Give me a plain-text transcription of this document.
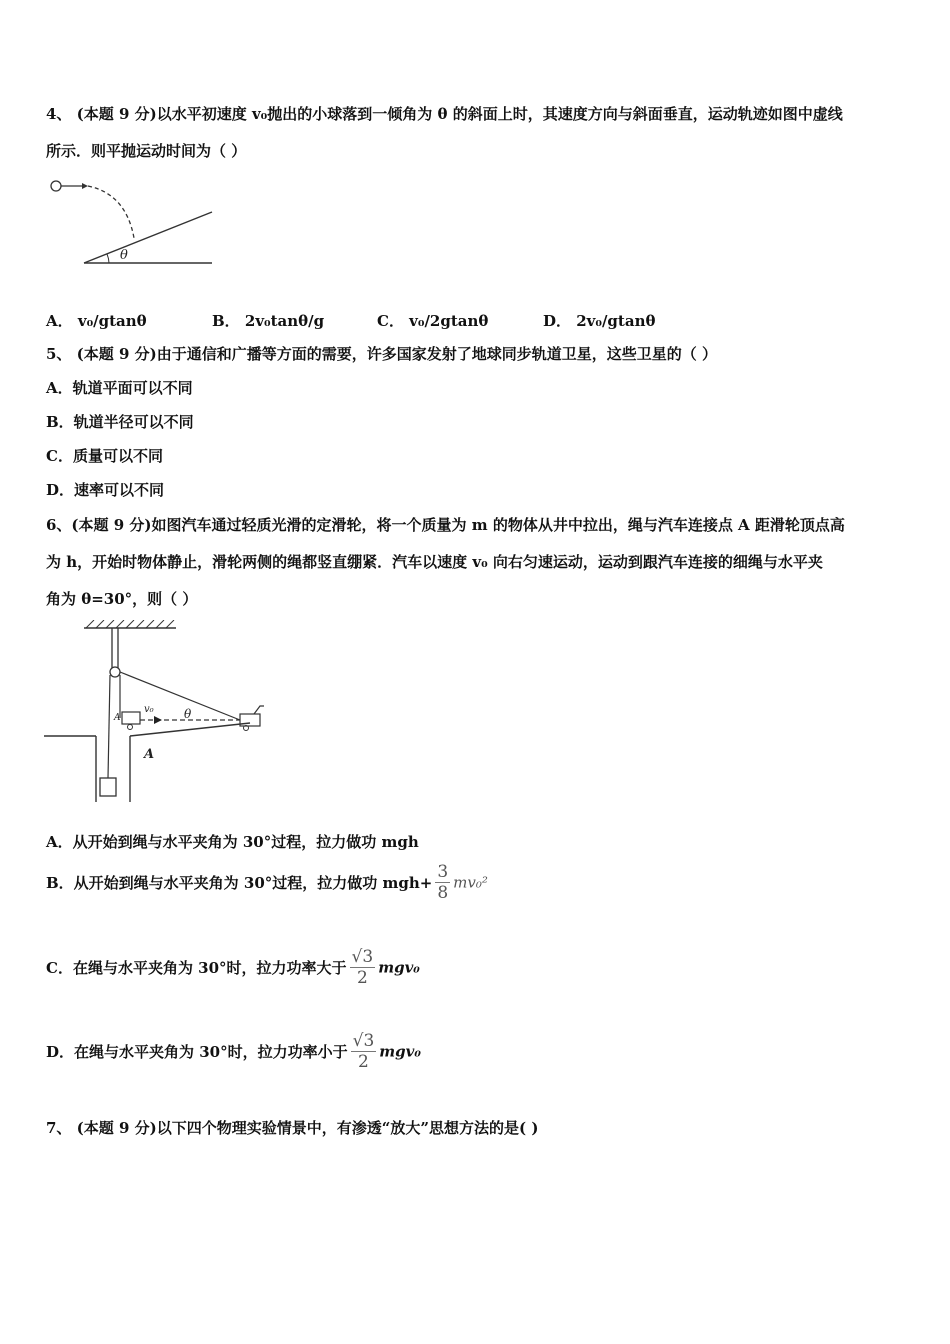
4、 (本题 9 分)以水平初速度 v₀抛出的小球落到一倾角为 θ 的斜面上时，其速度方向与斜面垂直，运动轨迹如图中虚线
所示．则平抛运动时间为（ ）
θ
A． v₀/gtanθ	B． 2v₀tanθ/g	C． v₀/2gtanθ	D． 2v₀/gtanθ
5、 (本题 9 分)由于通信和广播等方面的需要，许多国家发射了地球同步轨道卫星，这些卫星的（ ）
A．轨道平面可以不同
B．轨道半径可以不同
C．质量可以不同
D．速率可以不同
6、(本题 9 分)如图汽车通过轻质光滑的定滑轮，将一个质量为 m 的物体从井中拉出，绳与汽车连接点 A 距滑轮顶点高
为 h，开始时物体静止，滑轮两侧的绳都竖直绷紧．汽车以速度 v₀ 向右匀速运动，运动到跟汽车连接的细绳与水平夹
角为 θ=30°，则（ ）
v₀	θ
A
A
A．从开始到绳与水平夹角为 30°过程，拉力做功 mgh
B．从开始到绳与水平夹角为 30°过程，拉力做功 $mgh+ \frac{3}{8} mv_0^2$
C．在绳与水平夹角为 30°时，拉力功率大于 $\frac{√3}{2} mgv_0$
D．在绳与水平夹角为 30°时，拉力功率小于 $\frac{√3}{2} mgv_0$
7、 (本题 9 分)以下四个物理实验情景中，有渗透“放大”思想方法的是( )
